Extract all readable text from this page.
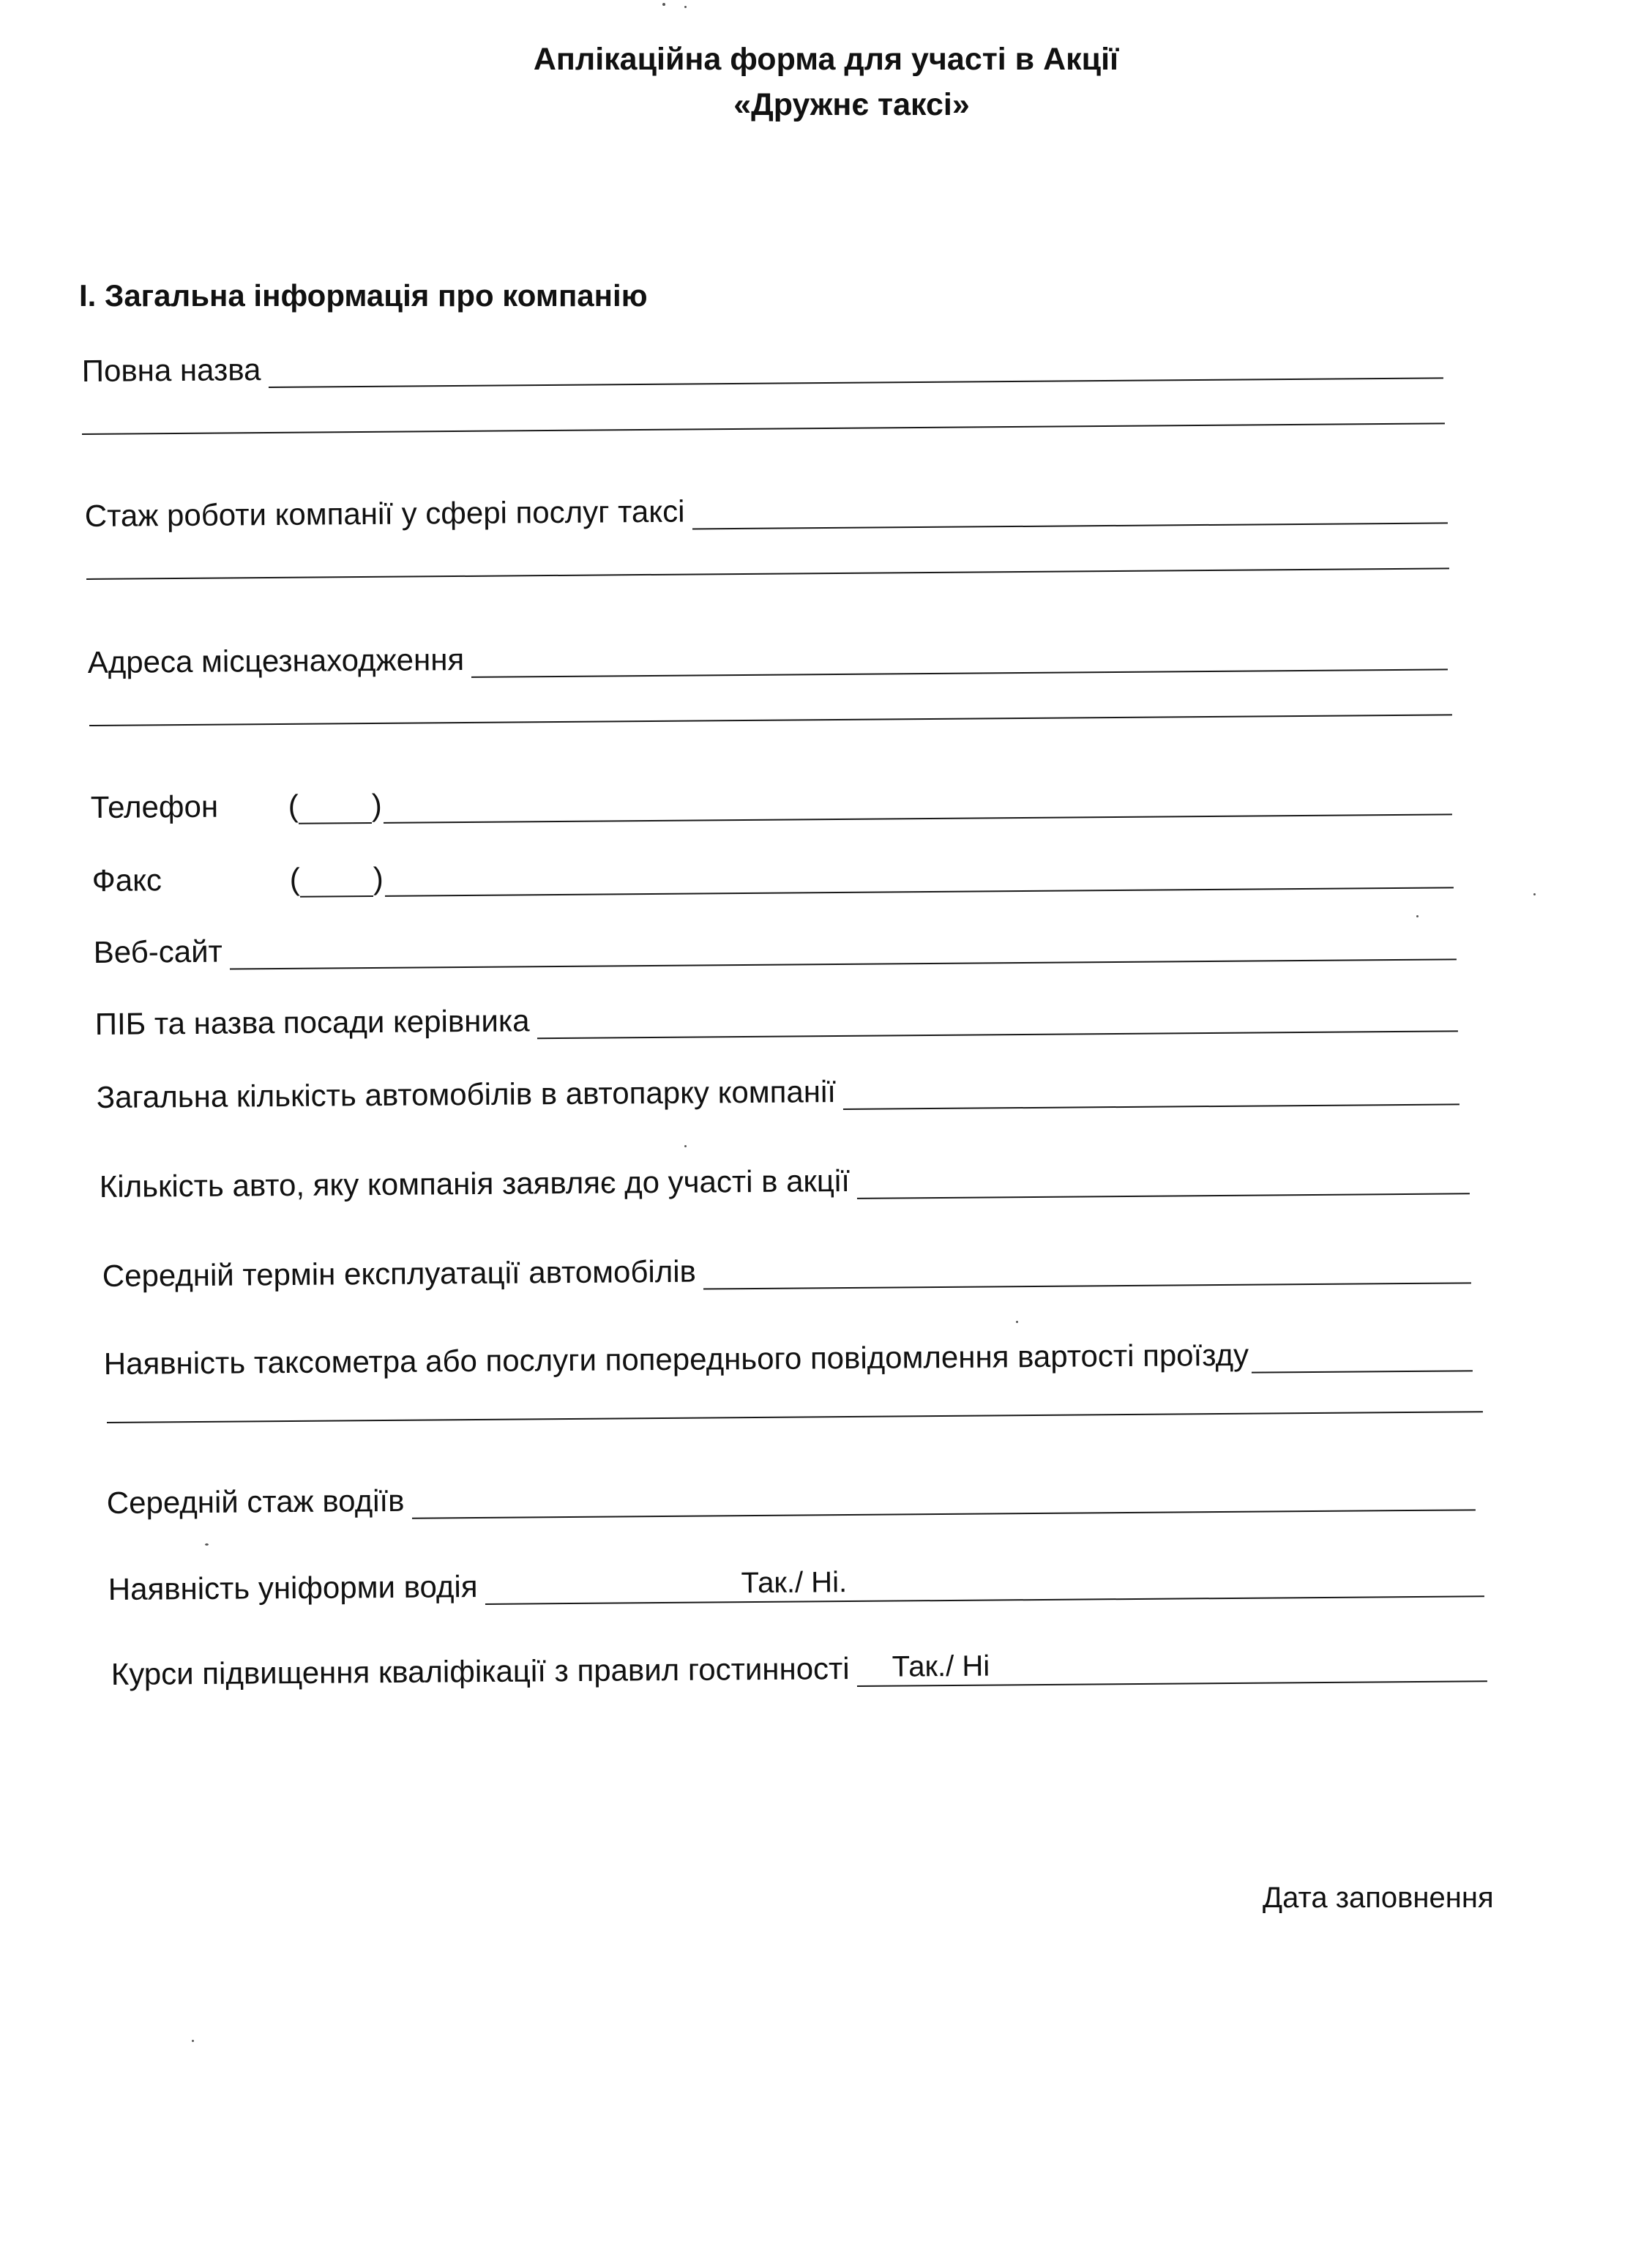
Аплікаційна форма для участі в Акції
«Дружнє таксі»
I. Загальна інформація про компанію
Повна назва
Стаж роботи компанії у сфері послуг таксі
Адреса місцезнаходження
Телефон ( )
Факс	( )
Веб-сайт
ПІБ та назва посади керівника
Загальна кількість автомобілів в автопарку компанії
Кількість авто, яку компанія заявляє до участі в акції
Середній термін експлуатації автомобілів
Наявність таксометра або послуги попереднього повідомлення вартості проїзду
Середній стаж водіїв
Наявність уніформи водія	Так./ Ні.
Курси підвищення кваліфікації з правил гостинності Так./ Ні
Дата заповнення
